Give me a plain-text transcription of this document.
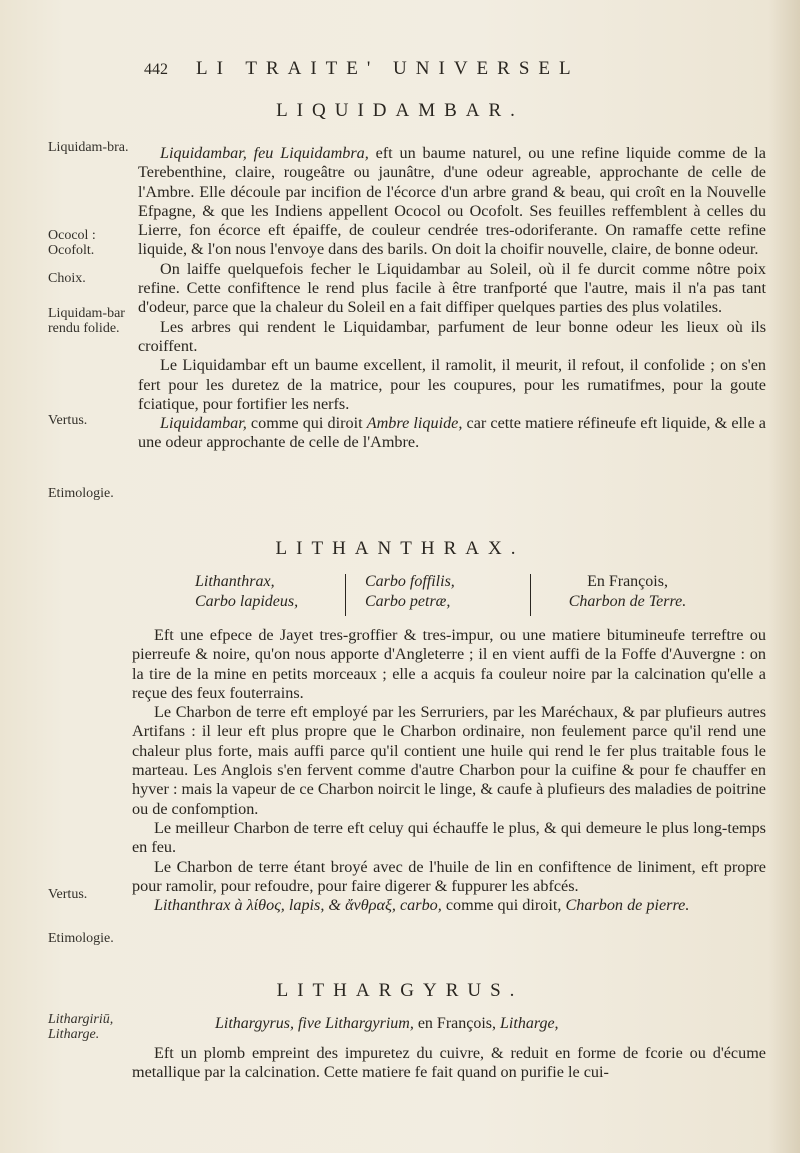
442 LI TRAITE' UNIVERSEL
LIQUIDAMBAR.
Liquidam-bra.
Ococol : Ocofolt.
Choix.
Liquidam-bar rendu folide.
Vertus.
Etimologie.

Liquidambar, feu Liquidambra, eft un baume naturel, ou une refine liquide comme de la Terebenthine, claire, rougeâtre ou jaunâtre, d'une odeur agreable, approchante de celle de l'Ambre. Elle découle par incifion de l'écorce d'un arbre grand & beau, qui croît en la Nouvelle Efpagne, & que les Indiens appellent Ococol ou Ocofolt. Ses feuilles reffemblent à celles du Lierre, fon écorce eft épaiffe, de couleur cendrée tres-odoriferante. On ramaffe cette refine liquide, & l'on nous l'envoye dans des barils. On doit la choifir nouvelle, claire, de bonne odeur.

On laiffe quelquefois fecher le Liquidambar au Soleil, où il fe durcit comme nôtre poix refine. Cette confiftence le rend plus facile à être tranfporté que l'autre, mais il n'a pas tant d'odeur, parce que la chaleur du Soleil en a fait diffiper quelques parties des plus volatiles.

Les arbres qui rendent le Liquidambar, parfument de leur bonne odeur les lieux où ils croiffent.

Le Liquidambar eft un baume excellent, il ramolit, il meurit, il refout, il confolide ; on s'en fert pour les duretez de la matrice, pour les coupures, pour les rumatifmes, pour la goute fciatique, pour fortifier les nerfs.

Liquidambar, comme qui diroit Ambre liquide, car cette matiere réfineufe eft liquide, & elle a une odeur approchante de celle de l'Ambre.

LITHANTHRAX.
Lithanthrax,
Carbo lapideus,
Carbo foffilis,
Carbo petræ,
En François,
Charbon de Terre.
Vertus.
Etimologie.

Eft une efpece de Jayet tres-groffier & tres-impur, ou une matiere bitumineufe terreftre ou pierreufe & noire, qu'on nous apporte d'Angleterre ; il en vient auffi de la Foffe d'Auvergne : on la tire de la mine en petits morceaux ; elle a acquis fa couleur noire par la calcination qu'elle a reçue des feux fouterrains.

Le Charbon de terre eft employé par les Serruriers, par les Maréchaux, & par plufieurs autres Artifans : il leur eft plus propre que le Charbon ordinaire, non feulement parce qu'il rend une chaleur plus forte, mais auffi parce qu'il contient une huile qui rend le fer plus traitable fous le marteau. Les Anglois s'en fervent comme d'autre Charbon pour la cuifine & pour fe chauffer en hyver : mais la vapeur de ce Charbon noircit le linge, & caufe à plufieurs des maladies de poitrine ou de confomption.

Le meilleur Charbon de terre eft celuy qui échauffe le plus, & qui demeure le plus long-temps en feu.

Le Charbon de terre étant broyé avec de l'huile de lin en confiftence de liniment, eft propre pour ramolir, pour refoudre, pour faire digerer & fuppurer les abfcés.

Lithanthrax à λίθος, lapis, & ἄνθραξ, carbo, comme qui diroit, Charbon de pierre.

LITHARGYRUS.
Lithargiriū, Litharge.
Lithargyrus, five Lithargyrium, en François, Litharge,

Eft un plomb empreint des impuretez du cuivre, & reduit en forme de fcorie ou d'écume metallique par la calcination. Cette matiere fe fait quand on purifie le cui-
